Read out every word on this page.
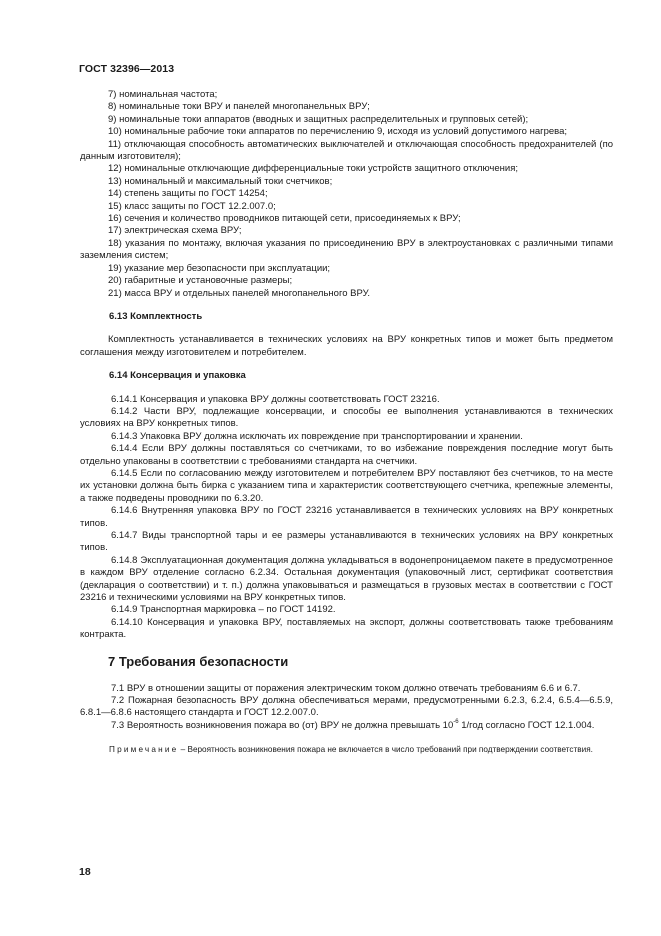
ГОСТ 32396—2013

7) номинальная частота;

8) номинальные токи ВРУ и панелей многопанельных ВРУ;

9) номинальные токи аппаратов (вводных и защитных распределительных и групповых сетей);

10) номинальные рабочие токи аппаратов по перечислению 9, исходя из условий допустимого нагрева;

11) отключающая способность автоматических выключателей и отключающая способность предохранителей (по данным изготовителя);

12) номинальные отключающие дифференциальные токи устройств защитного отключения;

13) номинальный и максимальный токи счетчиков;

14) степень защиты по ГОСТ 14254;

15) класс защиты по ГОСТ 12.2.007.0;

16) сечения и количество проводников питающей сети, присоединяемых к ВРУ;

17) электрическая схема ВРУ;

18) указания по монтажу, включая указания по присоединению ВРУ в электроустановках с различными типами заземления систем;

19) указание мер безопасности при эксплуатации;

20) габаритные и установочные размеры;

21) масса ВРУ и отдельных панелей многопанельного ВРУ.

6.13 Комплектность

Комплектность устанавливается в технических условиях на ВРУ конкретных типов и может быть предметом соглашения между изготовителем и потребителем.

6.14 Консервация и упаковка

6.14.1 Консервация и упаковка ВРУ должны соответствовать ГОСТ 23216.

6.14.2 Части ВРУ, подлежащие консервации, и способы ее выполнения устанавливаются в технических условиях на ВРУ конкретных типов.

6.14.3 Упаковка ВРУ должна исключать их повреждение при транспортировании и хранении.

6.14.4 Если ВРУ должны поставляться со счетчиками, то во избежание повреждения последние могут быть отдельно упакованы в соответствии с требованиями стандарта на счетчики.

6.14.5 Если по согласованию между изготовителем и потребителем ВРУ поставляют без счетчиков, то на месте их установки должна быть бирка с указанием типа и характеристик соответствующего счетчика, крепежные элементы, а также подведены проводники по 6.3.20.

6.14.6 Внутренняя упаковка ВРУ по ГОСТ 23216 устанавливается в технических условиях на ВРУ конкретных типов.

6.14.7 Виды транспортной тары и ее размеры устанавливаются в технических условиях на ВРУ конкретных типов.

6.14.8 Эксплуатационная документация должна укладываться в водонепроницаемом пакете в предусмотренное в каждом ВРУ отделение согласно 6.2.34. Остальная документация (упаковочный лист, сертификат соответствия (декларация о соответствии) и т. п.) должна упаковываться и размещаться в грузовых местах в соответствии с ГОСТ 23216 и техническими условиями на ВРУ конкретных типов.

6.14.9 Транспортная маркировка – по ГОСТ 14192.

6.14.10 Консервация и упаковка ВРУ, поставляемых на экспорт, должны соответствовать также требованиям контракта.

7 Требования безопасности

7.1 ВРУ в отношении защиты от поражения электрическим током должно отвечать требованиям 6.6 и 6.7.

7.2 Пожарная безопасность ВРУ должна обеспечиваться мерами, предусмотренными 6.2.3, 6.2.4, 6.5.4—6.5.9, 6.8.1—6.8.6 настоящего стандарта и ГОСТ 12.2.007.0.

7.3 Вероятность возникновения пожара во (от) ВРУ не должна превышать $10^{-6}$ 1/год согласно ГОСТ 12.1.004.

Примечание – Вероятность возникновения пожара не включается в число требований при подтверждении соответствия.

18
